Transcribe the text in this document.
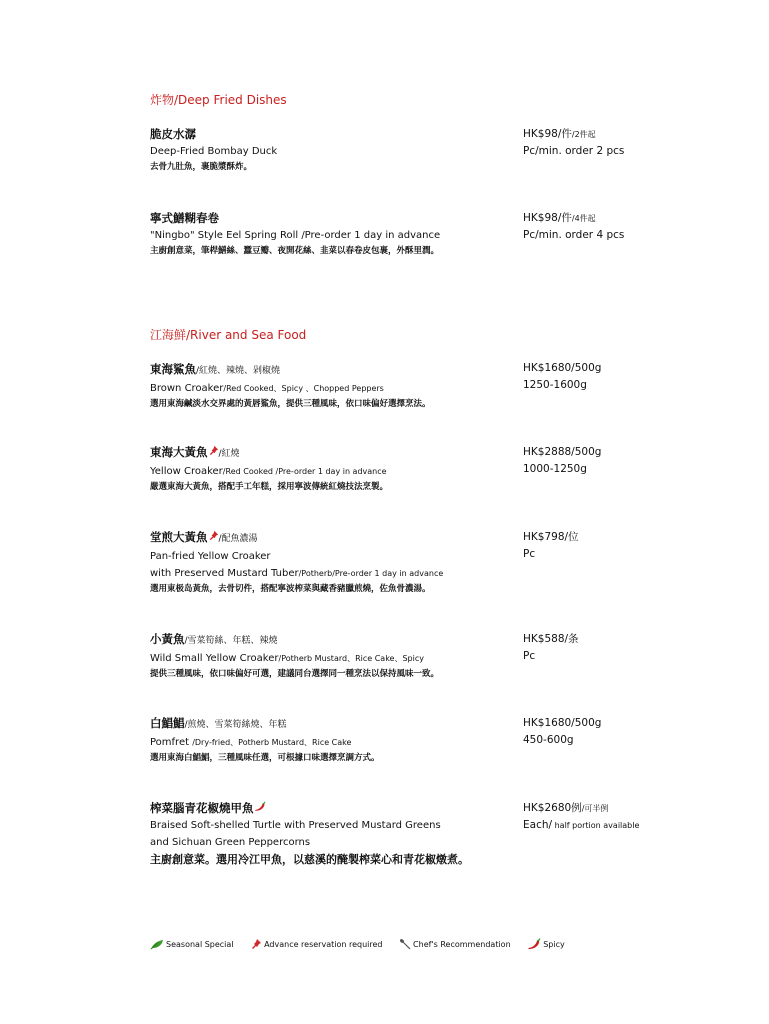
炸物/Deep Fried Dishes
脆皮水潺
Deep-Fried Bombay Duck
去骨九肚魚，裹脆漿酥炸。
HK$98/件/2件起
Pc/min. order 2 pcs
寧式鱔糊春卷
"Ningbo" Style Eel Spring Roll /Pre-order 1 day in advance
主廚創意菜，筆桿鱔絲、蠶豆瓣、夜開花絲、韭菜以春卷皮包裹，外酥里潤。
HK$98/件/4件起
Pc/min. order 4 pcs
江海鮮/River and Sea Food
東海鯊魚/紅燒、辣燒、剁椒燒
Brown Croaker/Red Cooked、Spicy 、Chopped Peppers
選用東海鹹淡水交界處的黃唇鯊魚，提供三種風味，依口味偏好選擇烹法。
HK$1680/500g
1250-1600g
東海大黃魚 /紅燒
Yellow Croaker/Red Cooked /Pre-order 1 day in advance
嚴選東海大黃魚，搭配手工年糕，採用寧波傳統紅燒技法烹製。
HK$2888/500g
1000-1250g
堂煎大黃魚 /配魚濃湯
Pan-fried Yellow Croaker
with Preserved Mustard Tuber/Potherb/Pre-order 1 day in advance
選用東极岛黃魚，去骨切件，搭配寧波榨菜與藏香豬臘煎燒，佐魚骨濃湯。
HK$798/位
Pc
小黃魚/雪菜筍絲、年糕、辣燒
Wild Small Yellow Croaker/Potherb Mustard、Rice Cake、Spicy
提供三種風味，依口味偏好可選，建議同台選擇同一種烹法以保持風味一致。
HK$588/条
Pc
白鯧鯧/煎燒、雪菜筍絲燒、年糕
Pomfret /Dry-fried、Potherb Mustard、Rice Cake
選用東海白鯧鯧，三種風味任選，可根據口味選擇烹調方式。
HK$1680/500g
450-600g
榨菜腦青花椒燒甲魚
Braised Soft-shelled Turtle with Preserved Mustard Greens
and Sichuan Green Peppercorns
主廚創意菜。選用冷江甲魚，以慈溪的醃製榨菜心和青花椒燉煮。
HK$2680例/可半例
Each/ half portion available
Seasonal Special
	Advance reservation required
	Chef's Recommendation
	Spicy
